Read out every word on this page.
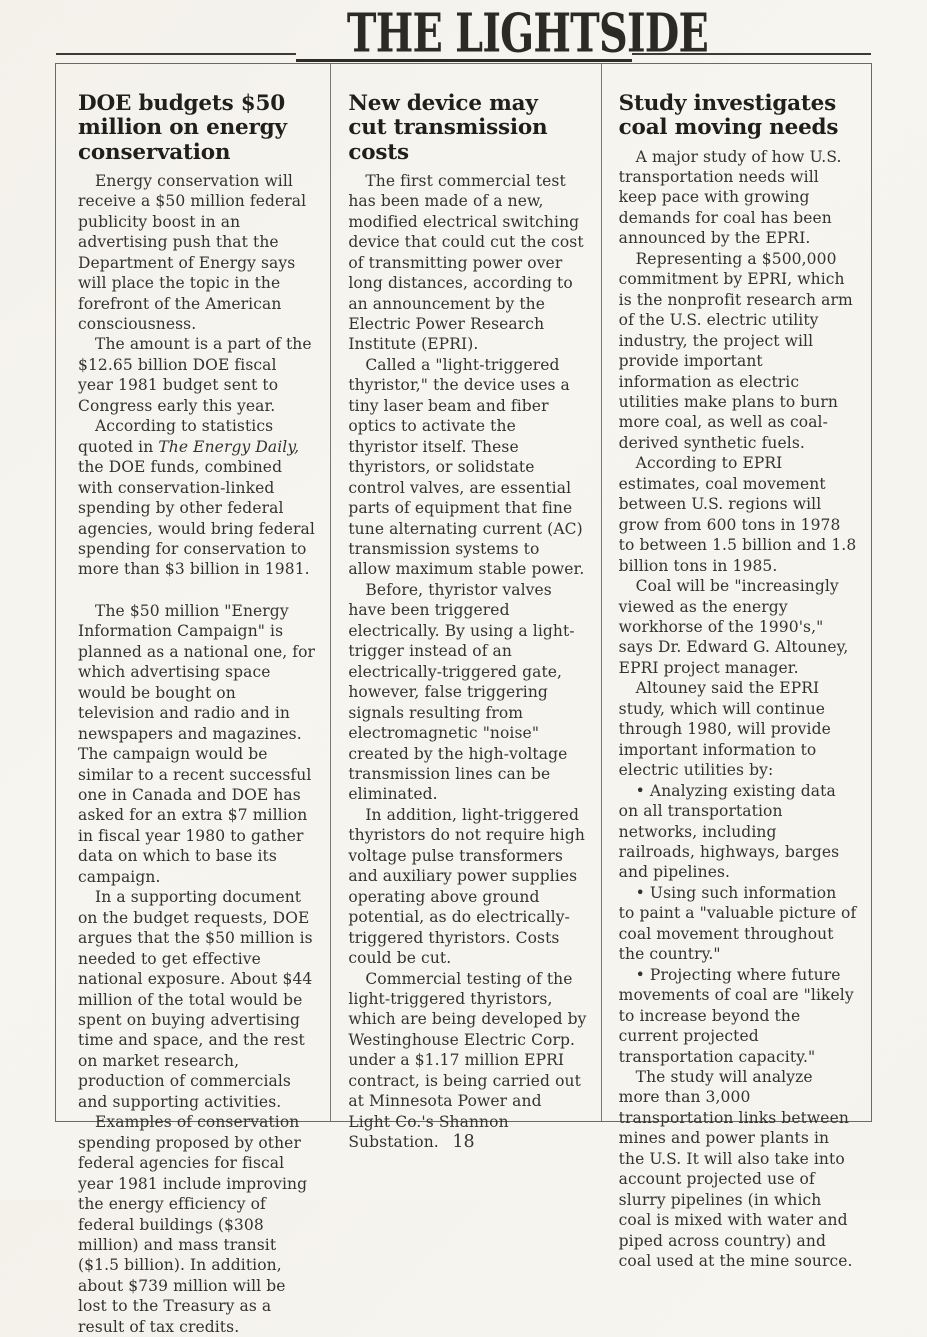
THE LIGHTSIDE
DOE budgets $50 million on energy conservation

Energy conservation will receive a $50 million federal publicity boost in an advertising push that the Department of Energy says will place the topic in the forefront of the American consciousness.

The amount is a part of the $12.65 billion DOE fiscal year 1981 budget sent to Congress early this year.

According to statistics quoted in The Energy Daily, the DOE funds, combined with conservation-linked spending by other federal agencies, would bring federal spending for conservation to more than $3 billion in 1981.

The $50 million "Energy Information Campaign" is planned as a national one, for which advertising space would be bought on television and radio and in newspapers and magazines. The campaign would be similar to a recent successful one in Canada and DOE has asked for an extra $7 million in fiscal year 1980 to gather data on which to base its campaign.

In a supporting document on the budget requests, DOE argues that the $50 million is needed to get effective national exposure. About $44 million of the total would be spent on buying advertising time and space, and the rest on market research, production of commercials and supporting activities.

Examples of conservation spending proposed by other federal agencies for fiscal year 1981 include improving the energy efficiency of federal buildings ($308 million) and mass transit ($1.5 billion). In addition, about $739 million will be lost to the Treasury as a result of tax credits.

New device may cut transmission costs

The first commercial test has been made of a new, modified electrical switching device that could cut the cost of transmitting power over long distances, according to an announcement by the Electric Power Research Institute (EPRI).

Called a "light-triggered thyristor," the device uses a tiny laser beam and fiber optics to activate the thyristor itself. These thyristors, or solidstate control valves, are essential parts of equipment that fine tune alternating current (AC) transmission systems to allow maximum stable power.

Before, thyristor valves have been triggered electrically. By using a light-trigger instead of an electrically-triggered gate, however, false triggering signals resulting from electromagnetic "noise" created by the high-voltage transmission lines can be eliminated.

In addition, light-triggered thyristors do not require high voltage pulse transformers and auxiliary power supplies operating above ground potential, as do electrically-triggered thyristors. Costs could be cut.

Commercial testing of the light-triggered thyristors, which are being developed by Westinghouse Electric Corp. under a $1.17 million EPRI contract, is being carried out at Minnesota Power and Light Co.'s Shannon Substation.

Study investigates coal moving needs

A major study of how U.S. transportation needs will keep pace with growing demands for coal has been announced by the EPRI.

Representing a $500,000 commitment by EPRI, which is the nonprofit research arm of the U.S. electric utility industry, the project will provide important information as electric utilities make plans to burn more coal, as well as coal-derived synthetic fuels.

According to EPRI estimates, coal movement between U.S. regions will grow from 600 tons in 1978 to between 1.5 billion and 1.8 billion tons in 1985.

Coal will be "increasingly viewed as the energy workhorse of the 1990's," says Dr. Edward G. Altouney, EPRI project manager.

Altouney said the EPRI study, which will continue through 1980, will provide important information to electric utilities by:

• Analyzing existing data on all transportation networks, including railroads, highways, barges and pipelines.

• Using such information to paint a "valuable picture of coal movement throughout the country."

• Projecting where future movements of coal are "likely to increase beyond the current projected transportation capacity."

The study will analyze more than 3,000 transportation links between mines and power plants in the U.S. It will also take into account projected use of slurry pipelines (in which coal is mixed with water and piped across country) and coal used at the mine source.

18
